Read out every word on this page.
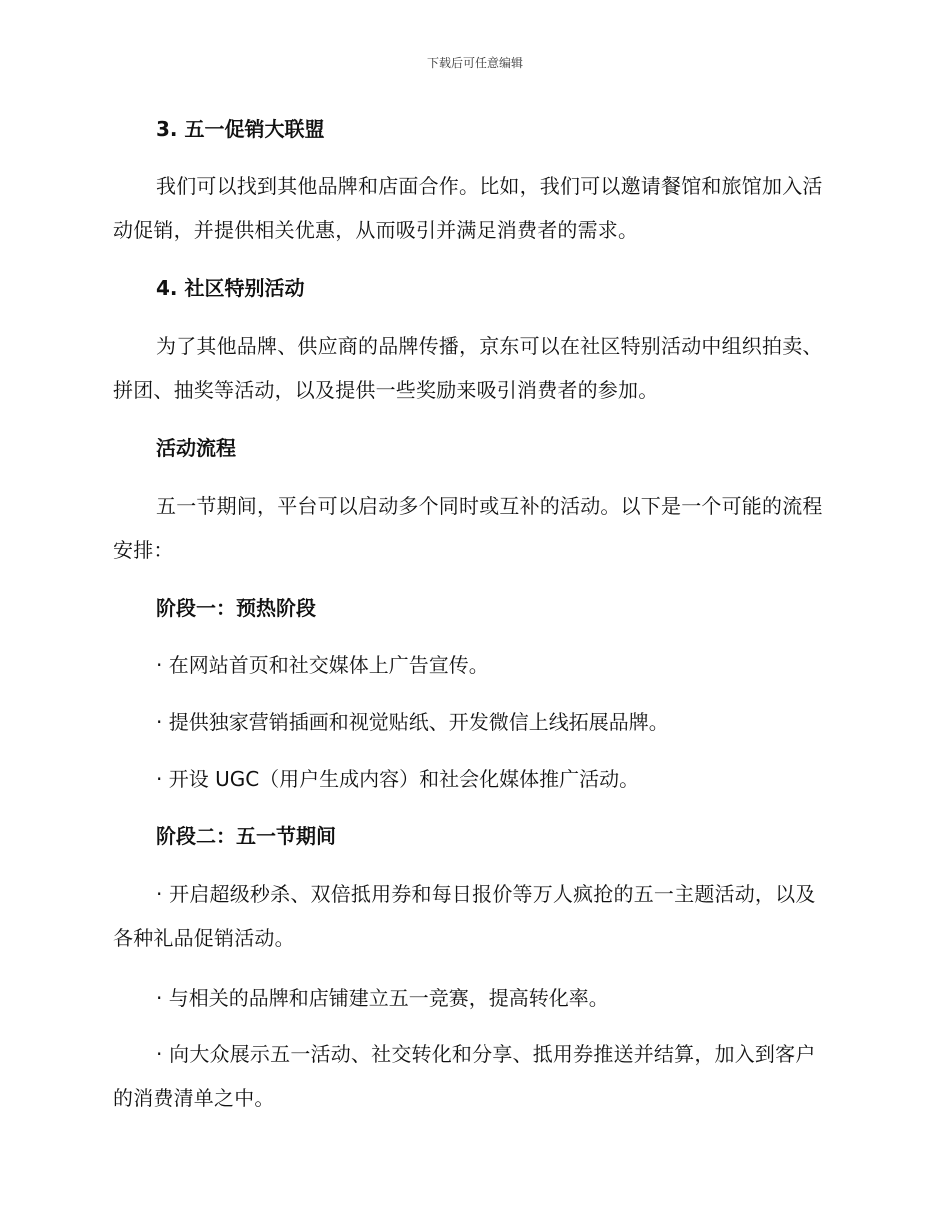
下载后可任意编辑

3. 五一促销大联盟

我们可以找到其他品牌和店面合作。比如，我们可以邀请餐馆和旅馆加入活动促销，并提供相关优惠，从而吸引并满足消费者的需求。

4. 社区特别活动

为了其他品牌、供应商的品牌传播，京东可以在社区特别活动中组织拍卖、拼团、抽奖等活动，以及提供一些奖励来吸引消费者的参加。

活动流程

五一节期间，平台可以启动多个同时或互补的活动。以下是一个可能的流程安排：

阶段一：预热阶段

· 在网站首页和社交媒体上广告宣传。

· 提供独家营销插画和视觉贴纸、开发微信上线拓展品牌。

· 开设 UGC（用户生成内容）和社会化媒体推广活动。

阶段二：五一节期间

· 开启超级秒杀、双倍抵用券和每日报价等万人疯抢的五一主题活动，以及各种礼品促销活动。

· 与相关的品牌和店铺建立五一竞赛，提高转化率。

· 向大众展示五一活动、社交转化和分享、抵用券推送并结算，加入到客户的消费清单之中。
